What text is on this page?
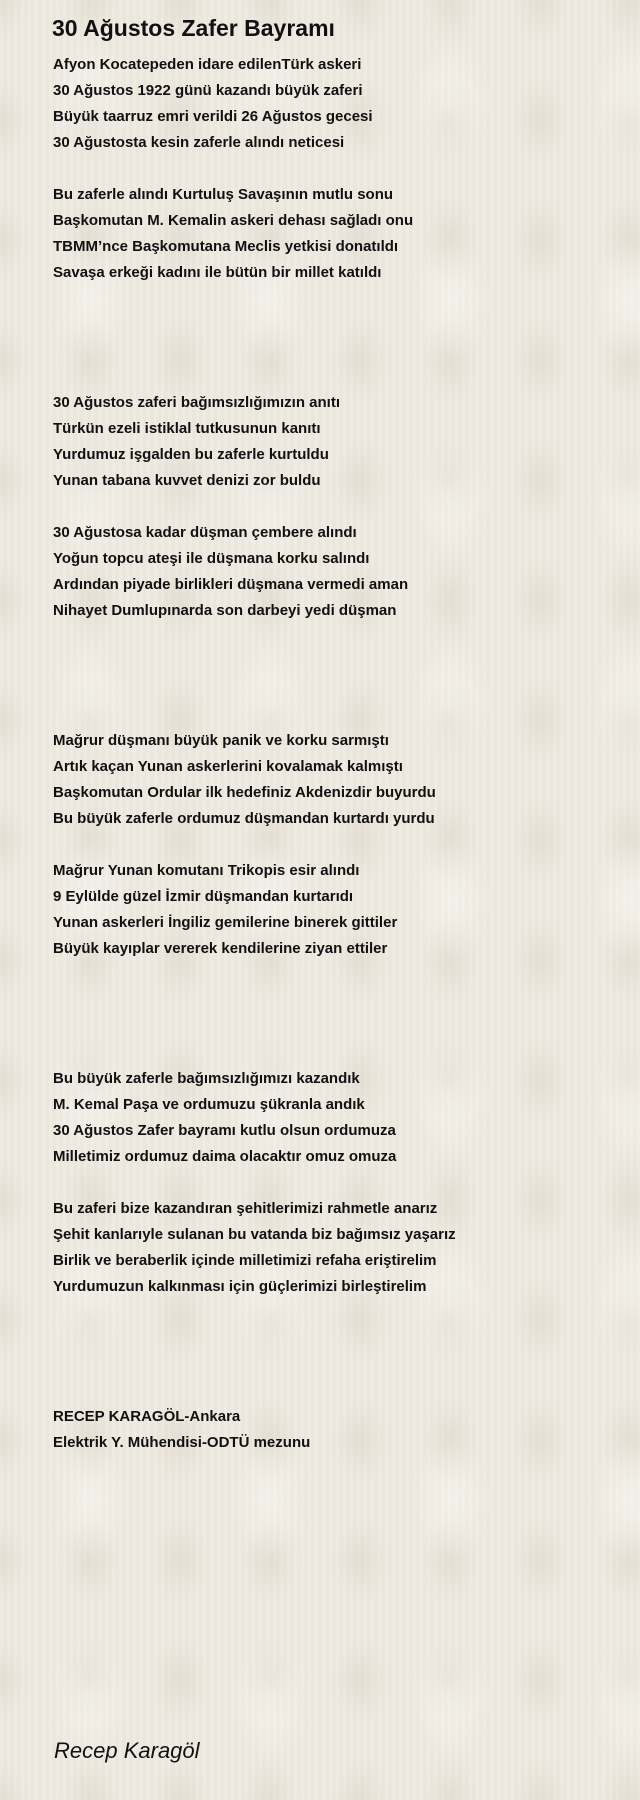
30 Ağustos Zafer Bayramı
Afyon Kocatepeden idare edilenTürk askeri
30 Ağustos 1922 günü kazandı büyük zaferi
Büyük taarruz emri verildi 26 Ağustos gecesi
30 Ağustosta kesin zaferle alındı neticesi
Bu zaferle alındı Kurtuluş Savaşının mutlu sonu
Başkomutan M. Kemalin askeri dehası sağladı onu
TBMM’nce Başkomutana Meclis yetkisi donatıldı
Savaşa erkeği kadını ile bütün bir millet katıldı
30 Ağustos zaferi bağımsızlığımızın anıtı
Türkün ezeli istiklal tutkusunun kanıtı
Yurdumuz işgalden bu zaferle kurtuldu
Yunan tabana kuvvet denizi zor buldu
30 Ağustosa kadar düşman çembere alındı
Yoğun topcu ateşi ile düşmana korku salındı
Ardından piyade birlikleri düşmana vermedi aman
Nihayet Dumlupınarda son darbeyi yedi düşman
Mağrur düşmanı büyük panik ve korku sarmıştı
Artık kaçan Yunan askerlerini kovalamak kalmıştı
Başkomutan Ordular ilk hedefiniz Akdenizdir buyurdu
Bu büyük zaferle ordumuz düşmandan kurtardı yurdu
Mağrur Yunan komutanı Trikopis esir alındı
9 Eylülde güzel İzmir düşmandan kurtarıdı
Yunan askerleri İngiliz gemilerine binerek gittiler
Büyük kayıplar vererek kendilerine ziyan ettiler
Bu büyük zaferle bağımsızlığımızı kazandık
M. Kemal Paşa ve ordumuzu şükranla andık
30 Ağustos Zafer bayramı kutlu olsun ordumuza
Milletimiz ordumuz daima olacaktır omuz omuza
Bu zaferi bize kazandıran şehitlerimizi rahmetle anarız
Şehit kanlarıyle sulanan bu vatanda biz bağımsız yaşarız
Birlik ve beraberlik içinde milletimizi refaha eriştirelim
Yurdumuzun kalkınması için güçlerimizi birleştirelim
RECEP KARAGÖL-Ankara
Elektrik Y. Mühendisi-ODTÜ mezunu
Recep Karagöl
